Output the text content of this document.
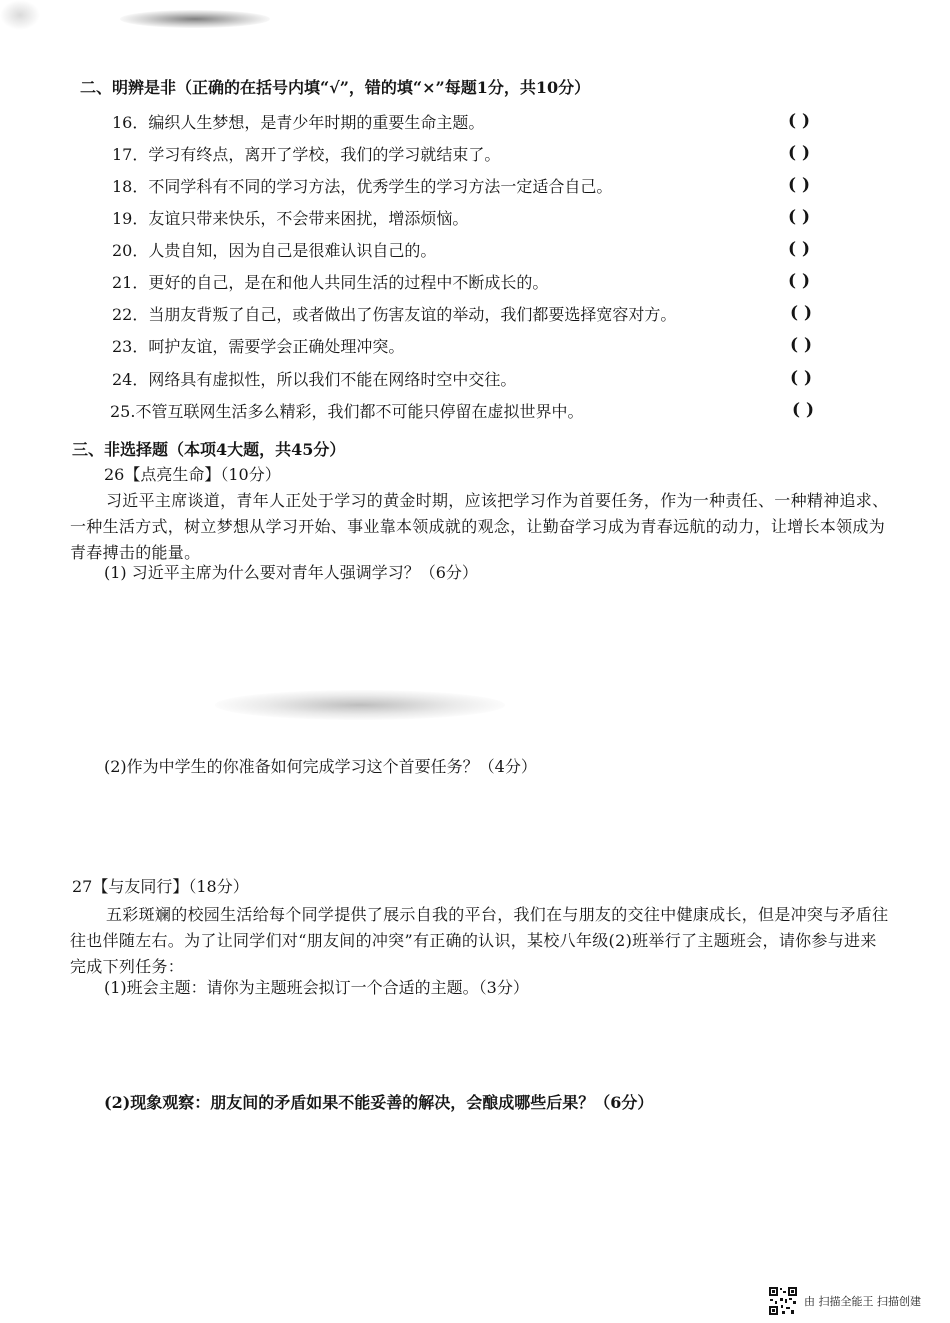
二、明辨是非（正确的在括号内填“√”，错的填“×”每题1分，共10分）
16．编织人生梦想，是青少年时期的重要生命主题。	( )
17．学习有终点，离开了学校，我们的学习就结束了。	( )
18．不同学科有不同的学习方法，优秀学生的学习方法一定适合自己。	( )
19．友谊只带来快乐，不会带来困扰，增添烦恼。	( )
20．人贵自知，因为自己是很难认识自己的。	( )
21．更好的自己，是在和他人共同生活的过程中不断成长的。	( )
22．当朋友背叛了自己，或者做出了伤害友谊的举动，我们都要选择宽容对方。	( )
23．呵护友谊，需要学会正确处理冲突。	( )
24．网络具有虚拟性，所以我们不能在网络时空中交往。	( )
25.不管互联网生活多么精彩，我们都不可能只停留在虚拟世界中。	( )
三、非选择题（本项4大题，共45分）
26【点亮生命】（10分）
习近平主席谈道，青年人正处于学习的黄金时期，应该把学习作为首要任务，作为一种责任、一种精神追求、一种生活方式，树立梦想从学习开始、事业靠本领成就的观念，让勤奋学习成为青春远航的动力，让增长本领成为青春搏击的能量。
(1) 习近平主席为什么要对青年人强调学习？（6分）
(2)作为中学生的你准备如何完成学习这个首要任务？（4分）
27【与友同行】（18分）
五彩斑斓的校园生活给每个同学提供了展示自我的平台，我们在与朋友的交往中健康成长，但是冲突与矛盾往往也伴随左右。为了让同学们对“朋友间的冲突”有正确的认识，某校八年级(2)班举行了主题班会，请你参与进来完成下列任务：
(1)班会主题：请你为主题班会拟订一个合适的主题。（3分）
(2)现象观察：朋友间的矛盾如果不能妥善的解决，会酿成哪些后果？（6分）
由 扫描全能王 扫描创建
